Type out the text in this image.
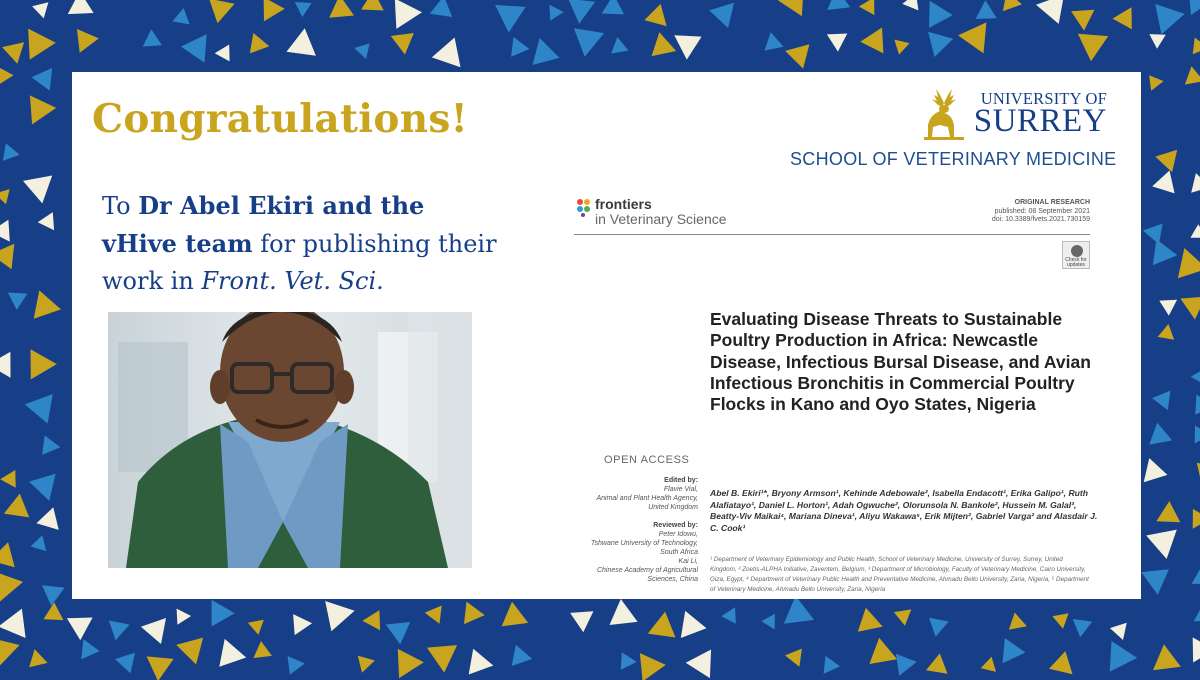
Congratulations!
To Dr Abel Ekiri and the vHive team for publishing their work in Front. Vet. Sci.
UNIVERSITY OF
SURREY
SCHOOL OF VETERINARY MEDICINE
frontiers
in Veterinary Science
ORIGINAL RESEARCH
published: 08 September 2021
doi: 10.3389/fvets.2021.730159
Check for updates
Evaluating Disease Threats to Sustainable Poultry Production in Africa: Newcastle Disease, Infectious Bursal Disease, and Avian Infectious Bronchitis in Commercial Poultry Flocks in Kano and Oyo States, Nigeria
OPEN ACCESS
Edited by:
Flavie Vial,
Animal and Plant Health Agency,
United Kingdom
Reviewed by:
Peter Idowu,
Tshwane University of Technology,
South Africa
Kai Li,
Chinese Academy of Agricultural
Sciences, China
Abel B. Ekiri¹*, Bryony Armson¹, Kehinde Adebowale², Isabella Endacott¹, Erika Galipo¹, Ruth Alafiatayo¹, Daniel L. Horton¹, Adah Ogwuche², Olorunsola N. Bankole², Hussein M. Galal³, Beatty-Viv Maikai⁴, Mariana Dineva¹, Aliyu Wakawa⁵, Erik Mijten², Gabriel Varga² and Alasdair J. C. Cook¹
¹ Department of Veterinary Epidemiology and Public Health, School of Veterinary Medicine, University of Surrey, Surrey, United Kingdom, ² Zoetis-ALPHA Initiative, Zaventem, Belgium, ³ Department of Microbiology, Faculty of Veterinary Medicine, Cairo University, Giza, Egypt, ⁴ Department of Veterinary Public Health and Preventative Medicine, Ahmadu Bello University, Zaria, Nigeria, ⁵ Department of Veterinary Medicine, Ahmadu Bello University, Zaria, Nigeria
